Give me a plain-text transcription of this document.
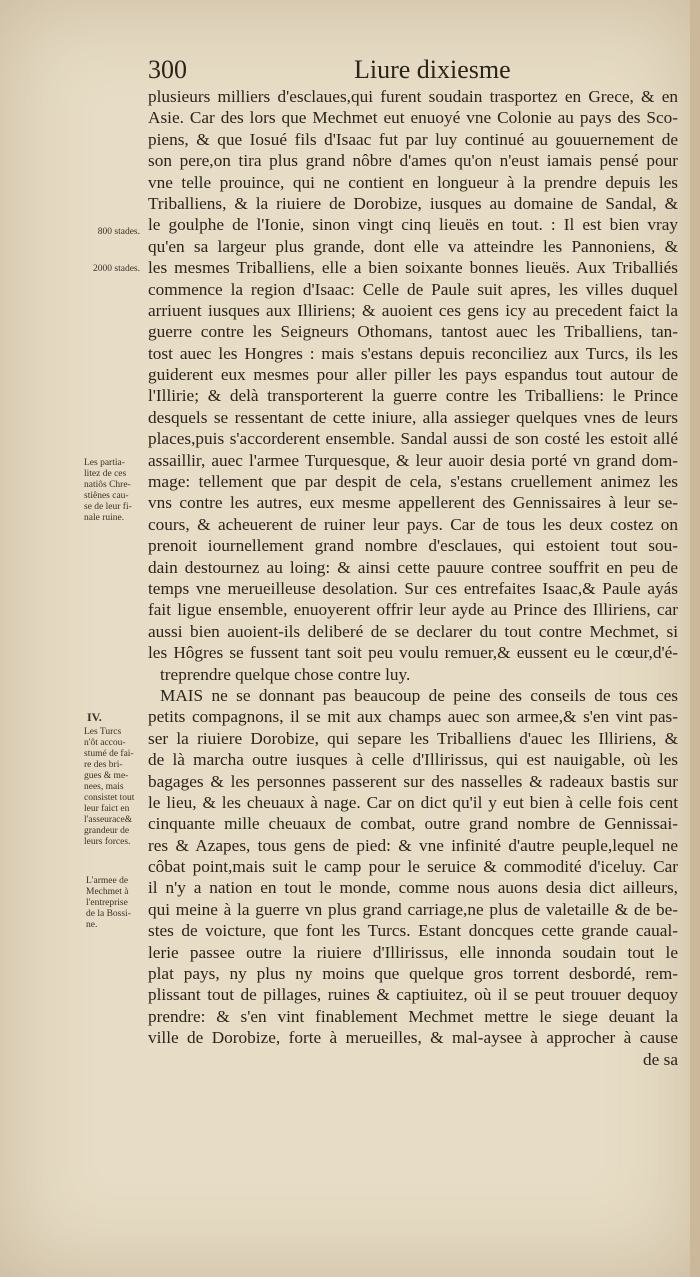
300	Liure dixiesme
800 stades.
2000 stades.
Les partia-
litez de ces
natiôs Chre-
stiênes cau-
se de leur fi-
nale ruine.
IV.
Les Turcs
n'ôt accou-
stumé de fai-
re des bri-
gues & me-
nees, mais
consistet tout
leur faict en
l'asseurace&
grandeur de
leurs forces.
L'armee de
Mechmet à
l'entreprise
de la Bossi-
ne.
plusieurs milliers d'esclaues,qui furent soudain trasportez en Grece, & en
Asie. Car des lors que Mechmet eut enuoyé vne Colonie au pays des Sco-
piens, & que Iosué fils d'Isaac fut par luy continué au gouuernement de
son pere,on tira plus grand nôbre d'ames qu'on n'eust iamais pensé pour
vne telle prouince, qui ne contient en longueur à la prendre depuis les
Triballiens, & la riuiere de Dorobize, iusques au domaine de Sandal, &
le goulphe de l'Ionie, sinon vingt cinq lieuës en tout. : Il est bien vray
qu'en sa largeur plus grande, dont elle va atteindre les Pannoniens, &
les mesmes Triballiens, elle a bien soixante bonnes lieuës. Aux Triballiés
commence la region d'Isaac: Celle de Paule suit apres, les villes duquel
arriuent iusques aux Illiriens; & auoient ces gens icy au precedent faict la
guerre contre les Seigneurs Othomans, tantost auec les Triballiens, tan-
tost auec les Hongres : mais s'estans depuis reconciliez aux Turcs, ils les
guiderent eux mesmes pour aller piller les pays espandus tout autour de
l'Illirie; & delà transporterent la guerre contre les Triballiens: le Prince
desquels se ressentant de cette iniure, alla assieger quelques vnes de leurs
places,puis s'accorderent ensemble. Sandal aussi de son costé les estoit allé
assaillir, auec l'armee Turquesque, & leur auoir desia porté vn grand dom-
mage: tellement que par despit de cela, s'estans cruellement animez les
vns contre les autres, eux mesme appellerent des Gennissaires à leur se-
cours, & acheuerent de ruiner leur pays. Car de tous les deux costez on
prenoit iournellement grand nombre d'esclaues, qui estoient tout sou-
dain destournez au loing: & ainsi cette pauure contree souffrit en peu de
temps vne merueilleuse desolation. Sur ces entrefaites Isaac,& Paule ayás
fait ligue ensemble, enuoyerent offrir leur ayde au Prince des Illiriens, car
aussi bien auoient-ils deliberé de se declarer du tout contre Mechmet, si
les Hôgres se fussent tant soit peu voulu remuer,& eussent eu le cœur,d'é-
treprendre quelque chose contre luy.
MAIS ne se donnant pas beaucoup de peine des conseils de tous ces
petits compagnons, il se mit aux champs auec son armee,& s'en vint pas-
ser la riuiere Dorobize, qui separe les Triballiens d'auec les Illiriens, &
de là marcha outre iusques à celle d'Illirissus, qui est nauigable, où les
bagages & les personnes passerent sur des nasselles & radeaux bastis sur
le lieu, & les cheuaux à nage. Car on dict qu'il y eut bien à celle fois cent
cinquante mille cheuaux de combat, outre grand nombre de Gennissai-
res & Azapes, tous gens de pied: & vne infinité d'autre peuple,lequel ne
côbat point,mais suit le camp pour le seruice & commodité d'iceluy. Car
il n'y a nation en tout le monde, comme nous auons desia dict ailleurs,
qui meine à la guerre vn plus grand carriage,ne plus de valetaille & de be-
stes de voicture, que font les Turcs. Estant doncques cette grande caual-
lerie passee outre la riuiere d'Illirissus, elle innonda soudain tout le
plat pays, ny plus ny moins que quelque gros torrent desbordé, rem-
plissant tout de pillages, ruines & captiuitez, où il se peut trouuer dequoy
prendre: & s'en vint finablement Mechmet mettre le siege deuant la
ville de Dorobize, forte à merueilles, & mal-aysee à approcher à cause
de sa
